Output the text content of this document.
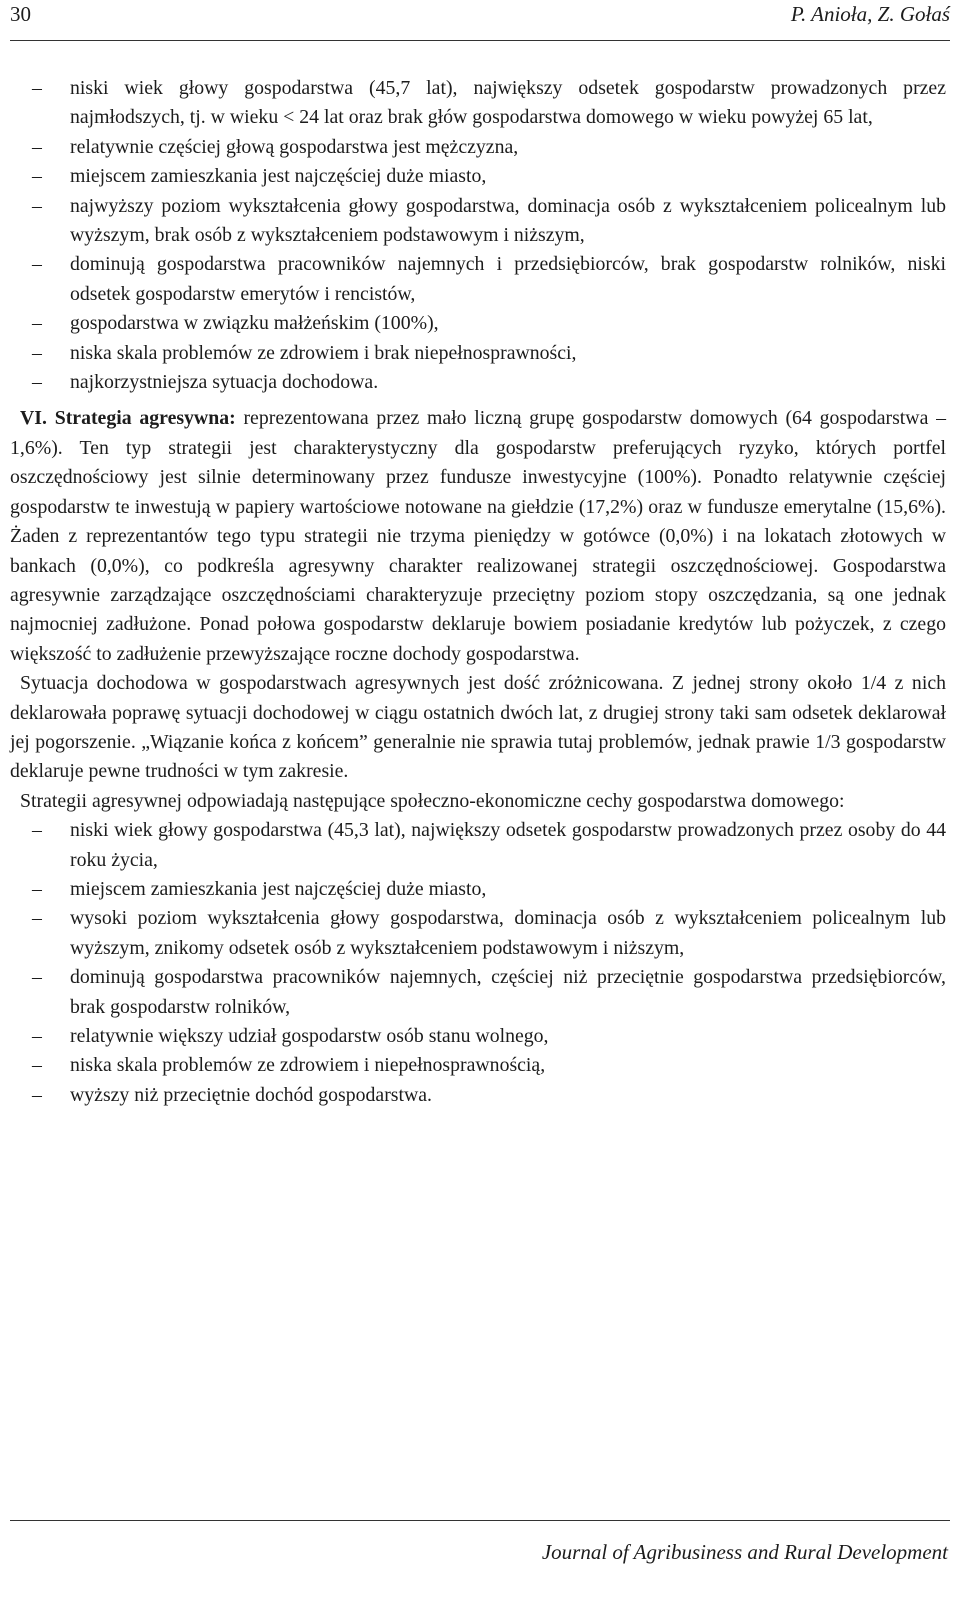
30	P. Anioła, Z. Gołaś
– niski wiek głowy gospodarstwa (45,7 lat), największy odsetek gospodarstw prowadzonych przez najmłodszych, tj. w wieku < 24 lat oraz brak głów gospodarstwa domowego w wieku powyżej 65 lat,
– relatywnie częściej głową gospodarstwa jest mężczyzna,
– miejscem zamieszkania jest najczęściej duże miasto,
– najwyższy poziom wykształcenia głowy gospodarstwa, dominacja osób z wykształceniem policealnym lub wyższym, brak osób z wykształceniem podstawowym i niższym,
– dominują gospodarstwa pracowników najemnych i przedsiębiorców, brak gospodarstw rolników, niski odsetek gospodarstw emerytów i rencistów,
– gospodarstwa w związku małżeńskim (100%),
– niska skala problemów ze zdrowiem i brak niepełnosprawności,
– najkorzystniejsza sytuacja dochodowa.

VI. Strategia agresywna: reprezentowana przez mało liczną grupę gospodarstw domowych (64 gospodarstwa – 1,6%). Ten typ strategii jest charakterystyczny dla gospodarstw preferujących ryzyko, których portfel oszczędnościowy jest silnie determinowany przez fundusze inwestycyjne (100%). Ponadto relatywnie częściej gospodarstw te inwestują w papiery wartościowe notowane na giełdzie (17,2%) oraz w fundusze emerytalne (15,6%). Żaden z reprezentantów tego typu strategii nie trzyma pieniędzy w gotówce (0,0%) i na lokatach złotowych w bankach (0,0%), co podkreśla agresywny charakter realizowanej strategii oszczędnościowej. Gospodarstwa agresywnie zarządzające oszczędnościami charakteryzuje przeciętny poziom stopy oszczędzania, są one jednak najmocniej zadłużone. Ponad połowa gospodarstw deklaruje bowiem posiadanie kredytów lub pożyczek, z czego większość to zadłużenie przewyższające roczne dochody gospodarstwa.

Sytuacja dochodowa w gospodarstwach agresywnych jest dość zróżnicowana. Z jednej strony około 1/4 z nich deklarowała poprawę sytuacji dochodowej w ciągu ostatnich dwóch lat, z drugiej strony taki sam odsetek deklarował jej pogorszenie. „Wiązanie końca z końcem” generalnie nie sprawia tutaj problemów, jednak prawie 1/3 gospodarstw deklaruje pewne trudności w tym zakresie.

Strategii agresywnej odpowiadają następujące społeczno-ekonomiczne cechy gospodarstwa domowego:

– niski wiek głowy gospodarstwa (45,3 lat), największy odsetek gospodarstw prowadzonych przez osoby do 44 roku życia,
– miejscem zamieszkania jest najczęściej duże miasto,
– wysoki poziom wykształcenia głowy gospodarstwa, dominacja osób z wykształceniem policealnym lub wyższym, znikomy odsetek osób z wykształceniem podstawowym i niższym,
– dominują gospodarstwa pracowników najemnych, częściej niż przeciętnie gospodarstwa przedsiębiorców, brak gospodarstw rolników,
– relatywnie większy udział gospodarstw osób stanu wolnego,
– niska skala problemów ze zdrowiem i niepełnosprawnością,
– wyższy niż przeciętnie dochód gospodarstwa.
Journal of Agribusiness and Rural Development
